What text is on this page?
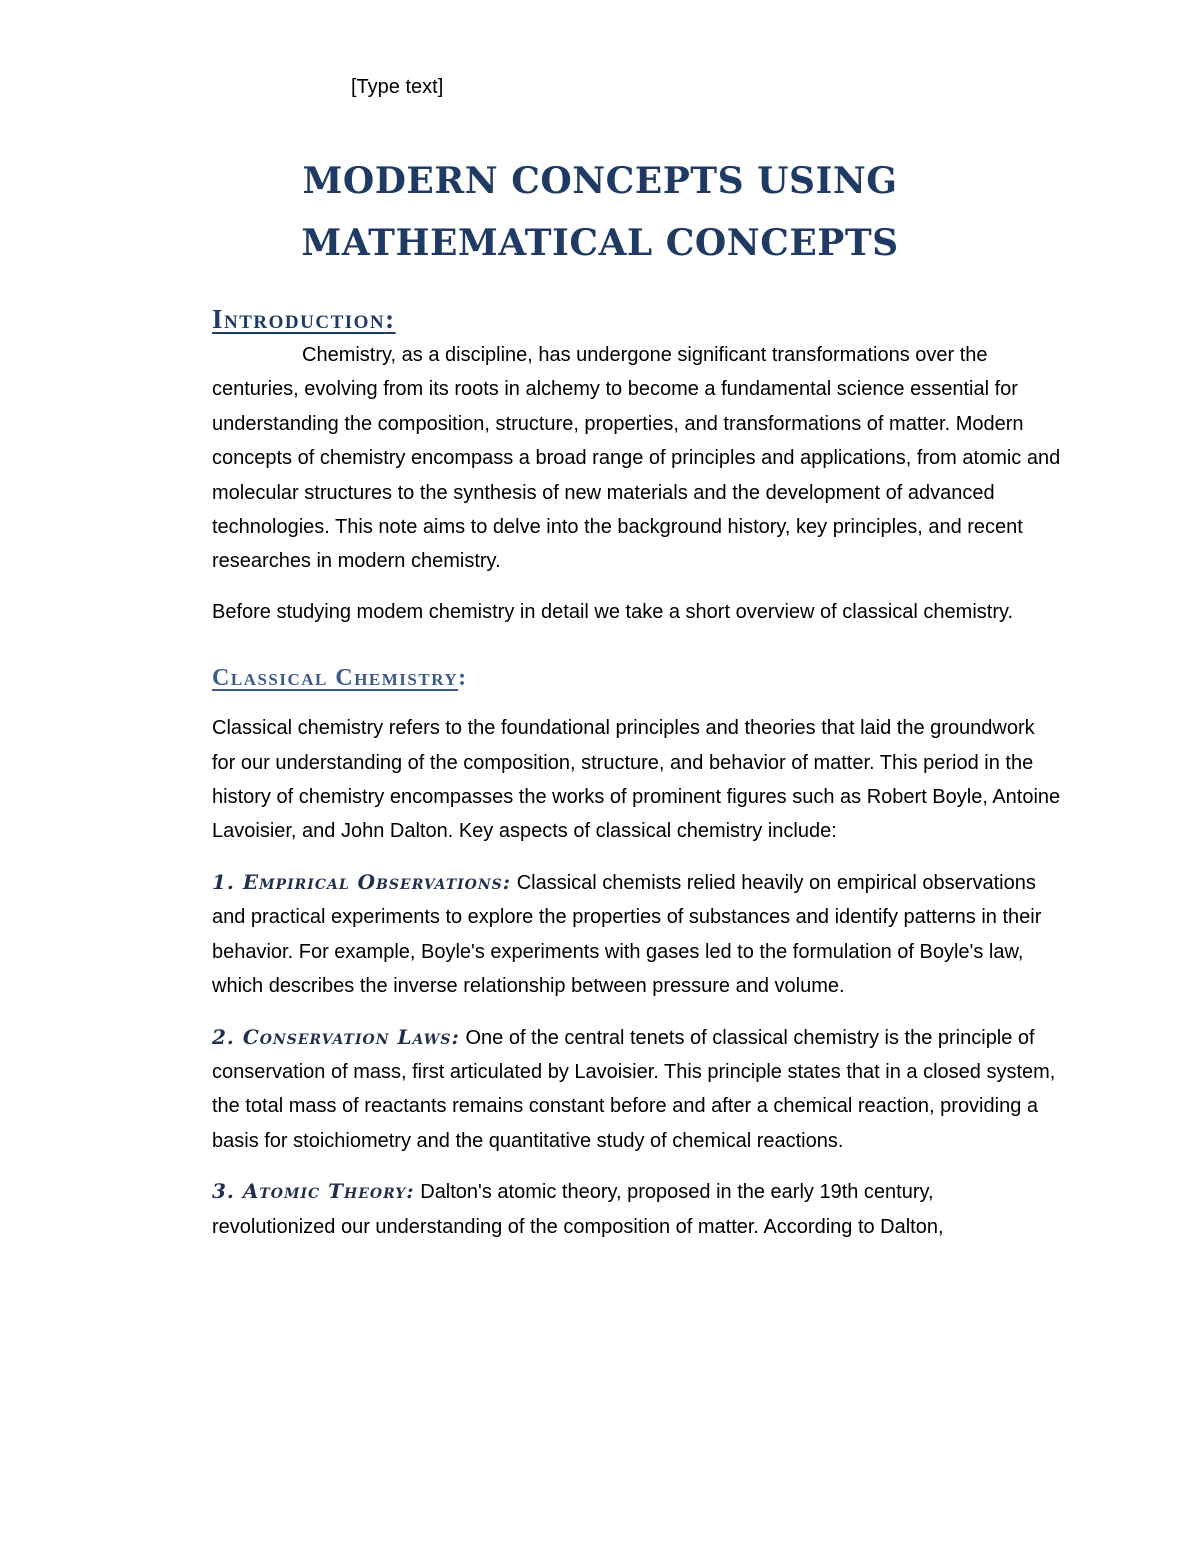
[Type text]
MODERN CONCEPTS USING MATHEMATICAL CONCEPTS
Introduction:

Chemistry, as a discipline, has undergone significant transformations over the centuries, evolving from its roots in alchemy to become a fundamental science essential for understanding the composition, structure, properties, and transformations of matter. Modern concepts of chemistry encompass a broad range of principles and applications, from atomic and molecular structures to the synthesis of new materials and the development of advanced technologies. This note aims to delve into the background history, key principles, and recent researches in modern chemistry.

Before studying modem chemistry in detail we take a short overview of classical chemistry.

Classical Chemistry:

Classical chemistry refers to the foundational principles and theories that laid the groundwork for our understanding of the composition, structure, and behavior of matter. This period in the history of chemistry encompasses the works of prominent figures such as Robert Boyle, Antoine Lavoisier, and John Dalton. Key aspects of classical chemistry include:

1. Empirical Observations: Classical chemists relied heavily on empirical observations and practical experiments to explore the properties of substances and identify patterns in their behavior. For example, Boyle's experiments with gases led to the formulation of Boyle's law, which describes the inverse relationship between pressure and volume.

2. Conservation Laws: One of the central tenets of classical chemistry is the principle of conservation of mass, first articulated by Lavoisier. This principle states that in a closed system, the total mass of reactants remains constant before and after a chemical reaction, providing a basis for stoichiometry and the quantitative study of chemical reactions.

3. Atomic Theory: Dalton's atomic theory, proposed in the early 19th century, revolutionized our understanding of the composition of matter. According to Dalton,
